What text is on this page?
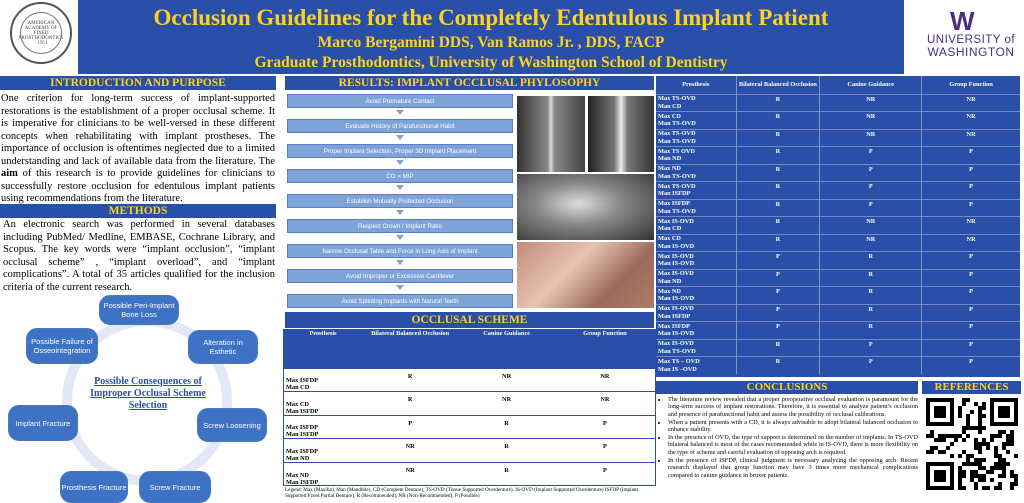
AMERICAN ACADEMY OF FIXED PROSTHODONTICS · 1951
Occlusion Guidelines for the Completely Edentulous Implant Patient
Marco Bergamini DDS, Van Ramos Jr. , DDS, FACP
Graduate Prosthodontics, University of Washington School of Dentistry
W
UNIVERSITY of
WASHINGTON
INTRODUCTION AND PURPOSE
One criterion for long-term success of implant-supported restorations is the establishment of a proper occlusal scheme. It is imperative for clinicians to be well-versed in these different concepts when rehabilitating with implant prostheses. The importance of occlusion is oftentimes neglected due to a limited understanding and lack of available data from the literature. The aim of this research is to provide guidelines for clinicians to successfully restore occlusion for edentulous implant patients using recommendations from the literature.
METHODS
An electronic search was performed in several databases including PubMed/ Medline, EMBASE, Cochrane Library, and Scopus. The key words were “implant occlusion”, “implant occlusal scheme” , “implant overload”, and “implant complications”. A total of 35 articles qualified for the inclusion criteria of the current research.
Possible Consequences of Improper Occlusal Scheme Selection
Possible Peri-Implant Bone Loss
Alteration in Esthetic
Screw Loosening
Screw Fracture
Prosthesis Fracture
Implant Fracture
Possible Failure of Osseointegration
RESULTS: IMPLANT OCCLUSAL PHYLOSOPHY
Avoid Premature Contact
Evaluate History of Parafunctional Habit
Proper Implant Selection, Proper 3D Implant Placement
CO = MIP
Establish Mutually Protected Occlusion
Respect Crown / Implant Ratio
Narrow Occlusal Table and Force in Long Axis of Implant
Avoid Improper or Excessive Cantilever
Avoid Splinting Implants with Natural Teeth
OCCLUSAL SCHEME
Prosthesis	Bilateral Balanced Occlusion	Canine Guidance	Group Function

Max ISFDP
Man CD	R	NR	NR

Max CD
Man ISFDP	R	NR	NR

Max ISFDP
Man ISFDP	P	R	P

Max ISFDP
Man ND	NR	R	P

Max ND
Man ISFDP	NR	R	P
Legend: Max (Maxilla), Man (Mandible), CD (Complete Denture), TS-OVD (Tissue Supported Overdenture), IS-OVD (Implant Supported Overdenture) ISFDP (Implant Supported Fixed Partial Denture), R (Recommended), NR (Non-Recommended), P (Possible)
Prosthesis	Bilateral Balanced Occlusion	Canine Guidance	Group Function

Max TS-OVD
Man CD	R	NR	NR

Max CD
Man TS-OVD	R	NR	NR

Max TS-OVD
Man TS-OVD	R	NR	NR

Max TS OVD
Man ND	R	P	P

Max ND
Man TS-OVD	R	P	P

Max TS-OVD
Man ISFDP	R	P	P

Max ISFDP
Man TS-OVD	R	P	P

Max IS-OVD
Man CD	R	NR	NR

Max CD
Man IS-OVD	R	NR	NR

Max IS-OVD
Man IS-OVD	P	R	P

Max IS-OVD
Man ND	P	R	P

Max ND
Man IS-OVD	P	R	P

Max IS-OVD
Man ISFDP	P	R	P

Max ISFDP
Man IS-OVD	P	R	P

Max IS-OVD
Man TS-OVD	R	P	P

Max TS – OVD
Man IS –OVD	R	P	P
CONCLUSIONS
• The literature review revealed that a proper preoperative occlusal evaluation is paramount for the long-term success of implant restorations. Therefore, it is essential to analyze patient’s occlusion and presence of parafunctional habit and assess the possibility of occlusal calibrations.
• When a patient presents with a CD, it is always advisable to adopt bilateral balanced occlusion to enhance stability.
• In the presence of OVD, the type of support is determined on the number of implants. In TS-OVD bilateral balanced is most of the cases recommended while in IS-OVD, there is more flexibility on the type of scheme and careful evaluation of opposing arch is required.
• In the presence of ISFDP, clinical judgment is necessary analyzing the opposing arch. Recent research displayed that group function may have 3 times more mechanical complications compared to canine guidance in bruxer patients.
REFERENCES
